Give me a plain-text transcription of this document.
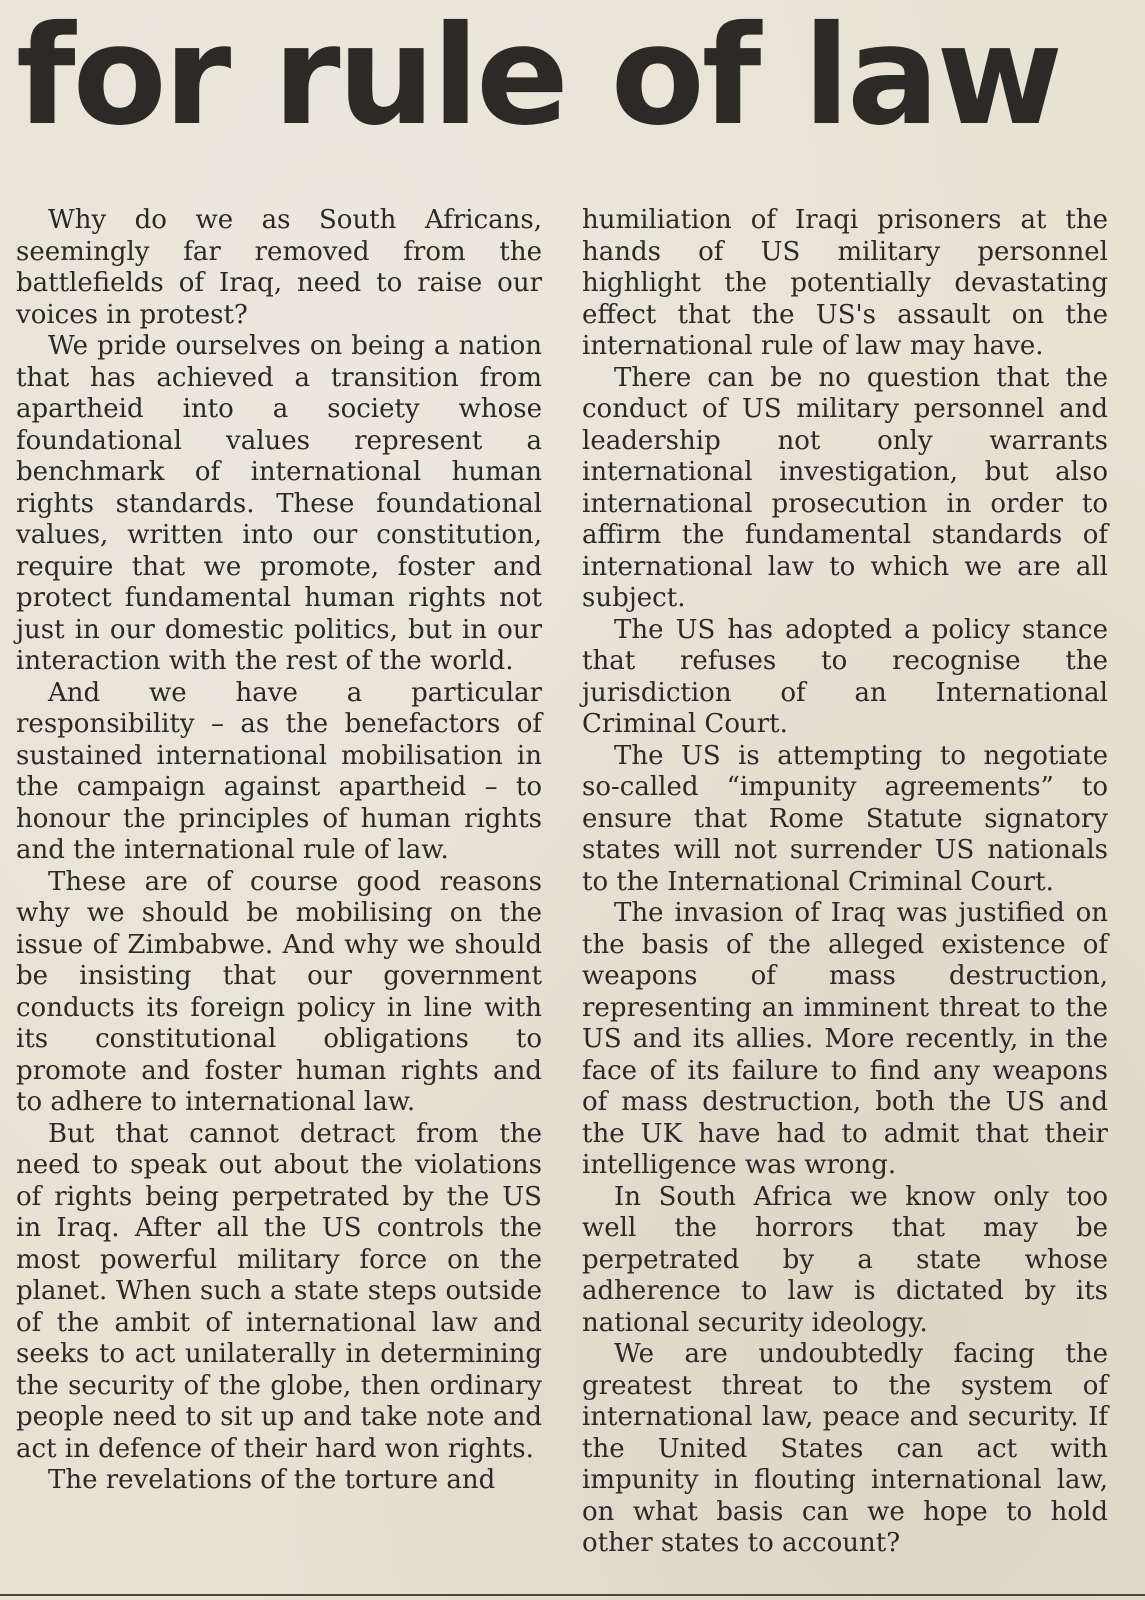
for rule of law

Why do we as South Africans, seemingly far removed from the battlefields of Iraq, need to raise our voices in protest?

We pride ourselves on being a nation that has achieved a transition from apartheid into a society whose foundational values represent a benchmark of international human rights standards. These foundational values, written into our constitution, require that we promote, foster and protect fundamental human rights not just in our domestic politics, but in our interaction with the rest of the world.

And we have a particular responsibility – as the benefactors of sustained international mobilisation in the campaign against apartheid – to honour the principles of human rights and the international rule of law.

These are of course good reasons why we should be mobilising on the issue of Zimbabwe. And why we should be insisting that our government conducts its foreign policy in line with its constitutional obligations to promote and foster human rights and to adhere to international law.

But that cannot detract from the need to speak out about the violations of rights being perpetrated by the US in Iraq. After all the US controls the most powerful military force on the planet. When such a state steps outside of the ambit of international law and seeks to act unilaterally in determining the security of the globe, then ordinary people need to sit up and take note and act in defence of their hard won rights.

The revelations of the torture and

humiliation of Iraqi prisoners at the hands of US military personnel highlight the potentially devastating effect that the US's assault on the international rule of law may have.

There can be no question that the conduct of US military personnel and leadership not only warrants international investigation, but also international prosecution in order to affirm the fundamental standards of international law to which we are all subject.

The US has adopted a policy stance that refuses to recognise the jurisdiction of an International Criminal Court.

The US is attempting to negotiate so-called “impunity agreements” to ensure that Rome Statute signatory states will not surrender US nationals to the International Criminal Court.

The invasion of Iraq was justified on the basis of the alleged existence of weapons of mass destruction, representing an imminent threat to the US and its allies. More recently, in the face of its failure to find any weapons of mass destruction, both the US and the UK have had to admit that their intelligence was wrong.

In South Africa we know only too well the horrors that may be perpetrated by a state whose adherence to law is dictated by its national security ideology.

We are undoubtedly facing the greatest threat to the system of international law, peace and security. If the United States can act with impunity in flouting international law, on what basis can we hope to hold other states to account?
